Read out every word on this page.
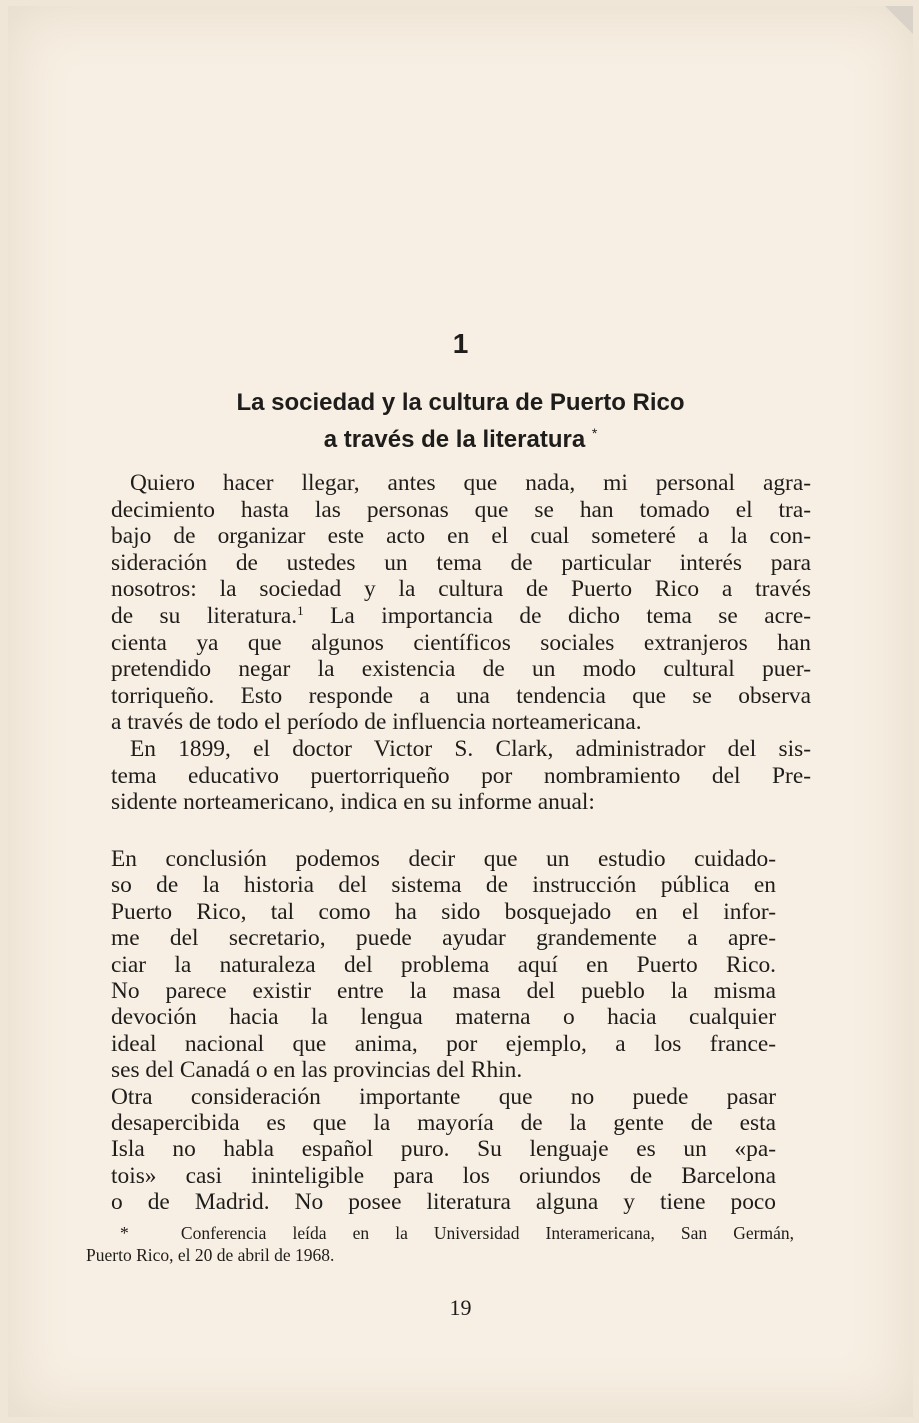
1
La sociedad y la cultura de Puerto Rico
a través de la literatura *
Quiero hacer llegar, antes que nada, mi personal agra-
decimiento hasta las personas que se han tomado el tra-
bajo de organizar este acto en el cual someteré a la con-
sideración de ustedes un tema de particular interés para
nosotros: la sociedad y la cultura de Puerto Rico a través
de su literatura.$^1$ La importancia de dicho tema se acre-
cienta ya que algunos científicos sociales extranjeros han
pretendido negar la existencia de un modo cultural puer-
torriqueño. Esto responde a una tendencia que se observa
a través de todo el período de influencia norteamericana.
En 1899, el doctor Victor S. Clark, administrador del sis-
tema educativo puertorriqueño por nombramiento del Pre-
sidente norteamericano, indica en su informe anual:
En conclusión podemos decir que un estudio cuidado-
so de la historia del sistema de instrucción pública en
Puerto Rico, tal como ha sido bosquejado en el infor-
me del secretario, puede ayudar grandemente a apre-
ciar la naturaleza del problema aquí en Puerto Rico.
No parece existir entre la masa del pueblo la misma
devoción hacia la lengua materna o hacia cualquier
ideal nacional que anima, por ejemplo, a los france-
ses del Canadá o en las provincias del Rhin.
Otra consideración importante que no puede pasar
desapercibida es que la mayoría de la gente de esta
Isla no habla español puro. Su lenguaje es un «pa-
tois» casi ininteligible para los oriundos de Barcelona
o de Madrid. No posee literatura alguna y tiene poco
*	Conferencia leída en la Universidad Interamericana, San Germán,
Puerto Rico, el 20 de abril de 1968.
19
